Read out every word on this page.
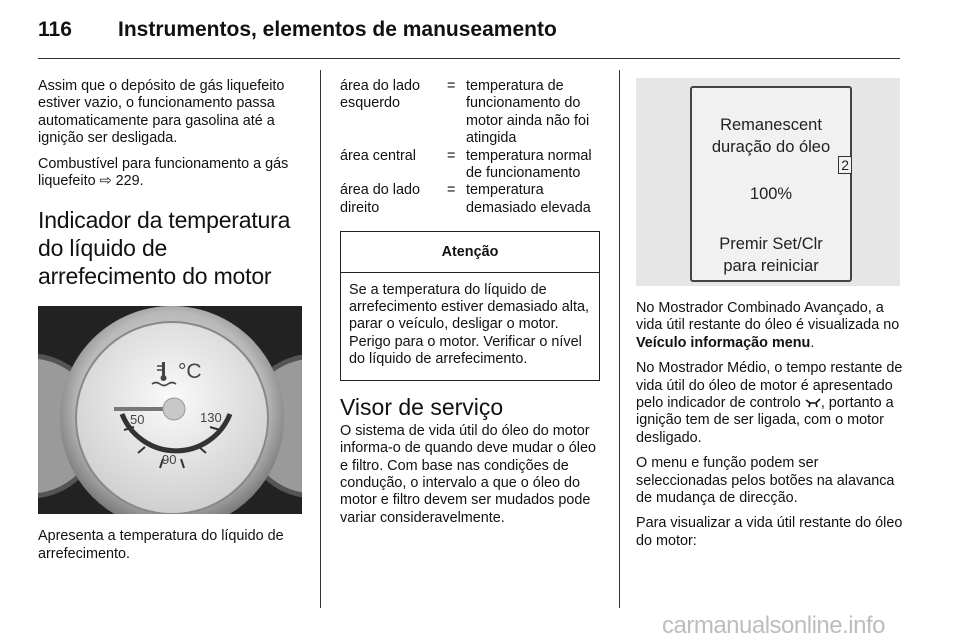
116 Instrumentos, elementos de manuseamento

Assim que o depósito de gás liquefeito estiver vazio, o funcionamento passa automaticamente para gasolina até a ignição ser desligada.

Combustível para funcionamento a gás liquefeito ⇨ 229.

Indicador da temperatura do líquido de arrefecimento do motor
°C
50
90
130

Apresenta a temperatura do líquido de arrefecimento.

área do lado esquerdo
= temperatura de funcionamento do motor ainda não foi atingida
área central	= temperatura normal de funcionamento
área do lado direito
= temperatura demasiado elevada
Atenção
Se a temperatura do líquido de arrefecimento estiver demasiado alta, parar o veículo, desligar o motor. Perigo para o motor. Verificar o nível do líquido de arrefecimento.
Visor de serviço

O sistema de vida útil do óleo do motor informa-o de quando deve mudar o óleo e filtro. Com base nas condições de condução, o intervalo a que o óleo do motor e filtro devem ser mudados pode variar consideravelmente.

Remanescent
duração do óleo
2
100%
Premir Set/Clr
para reiniciar

No Mostrador Combinado Avançado, a vida útil restante do óleo é visualizada no Veículo informação menu.

No Mostrador Médio, o tempo restante de vida útil do óleo de motor é apresentado pelo indicador de controlo , portanto a ignição tem de ser ligada, com o motor desligado.

O menu e função podem ser seleccionadas pelos botões na alavanca de mudança de direcção.

Para visualizar a vida útil restante do óleo do motor:

carmanualsonline.info
